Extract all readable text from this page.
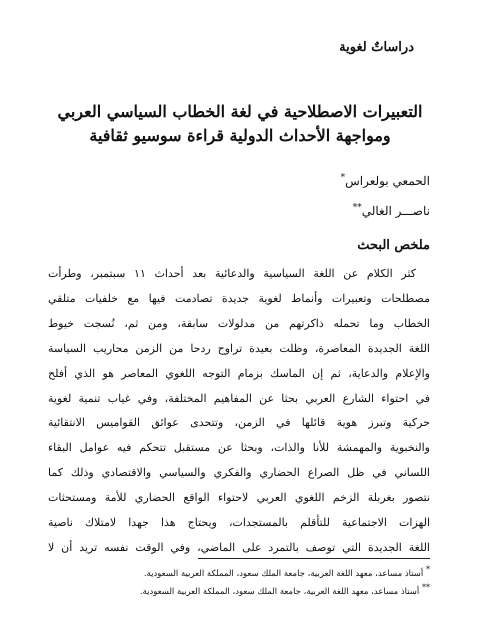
دراساتٌ لغوية
التعبيرات الاصطلاحية في لغة الخطاب السياسي العربي
ومواجهة الأحداث الدولية قراءة سوسيو ثقافية
الحمعي بولعراس*
ناصـــر الغالي**
ملخص البحث
كثر الكلام عن اللغة السياسية والدعائية بعد أحداث ١١ سبتمبر، وطرأت
مصطلحات وتعبيرات وأنماط لغوية جديدة تصادمت فيها مع خلفيات متلقي
الخطاب وما تحمله ذاكرتهم من مدلولات سابقة، ومن ثم، نُسجت خيوط
اللغة الجديدة المعاصرة، وظلت بعيدة تراوح ردحا من الزمن محاريب السياسة
والإعلام والدعاية، ثم إن الماسك بزمام التوجه اللغوي المعاصر هو الذي أفلح
في احتواء الشارع العربي بحثا عن المفاهيم المختلفة، وفي غياب تنمية لغوية
حركية وتبرز هوية قائلها في الزمن، وتتحدى عوائق القواميس الانتقائية
والنخبوية والمهمشة للأنا والذات، وبحثا عن مستقبل تتحكم فيه عوامل البقاء
اللساني في ظل الصراع الحضاري والفكري والسياسي والاقتصادي وذلك كما
نتصور بغربلة الزخم اللغوي العربي لاحتواء الواقع الحضاري للأمة ومستحثات
الهزات الاجتماعية للتأقلم بالمستجدات، ويحتاج هذا جهدا لامتلاك ناصية
اللغة الجديدة التي توصف بالتمرد على الماضي، وفي الوقت نفسه تريد أن لا
* أستاذ مساعد، معهد اللغة العربية، جامعة الملك سعود، المملكة العربية السعودية.
** أستاذ مساعد، معهد اللغة العربية، جامعة الملك سعود، المملكة العربية السعودية.
